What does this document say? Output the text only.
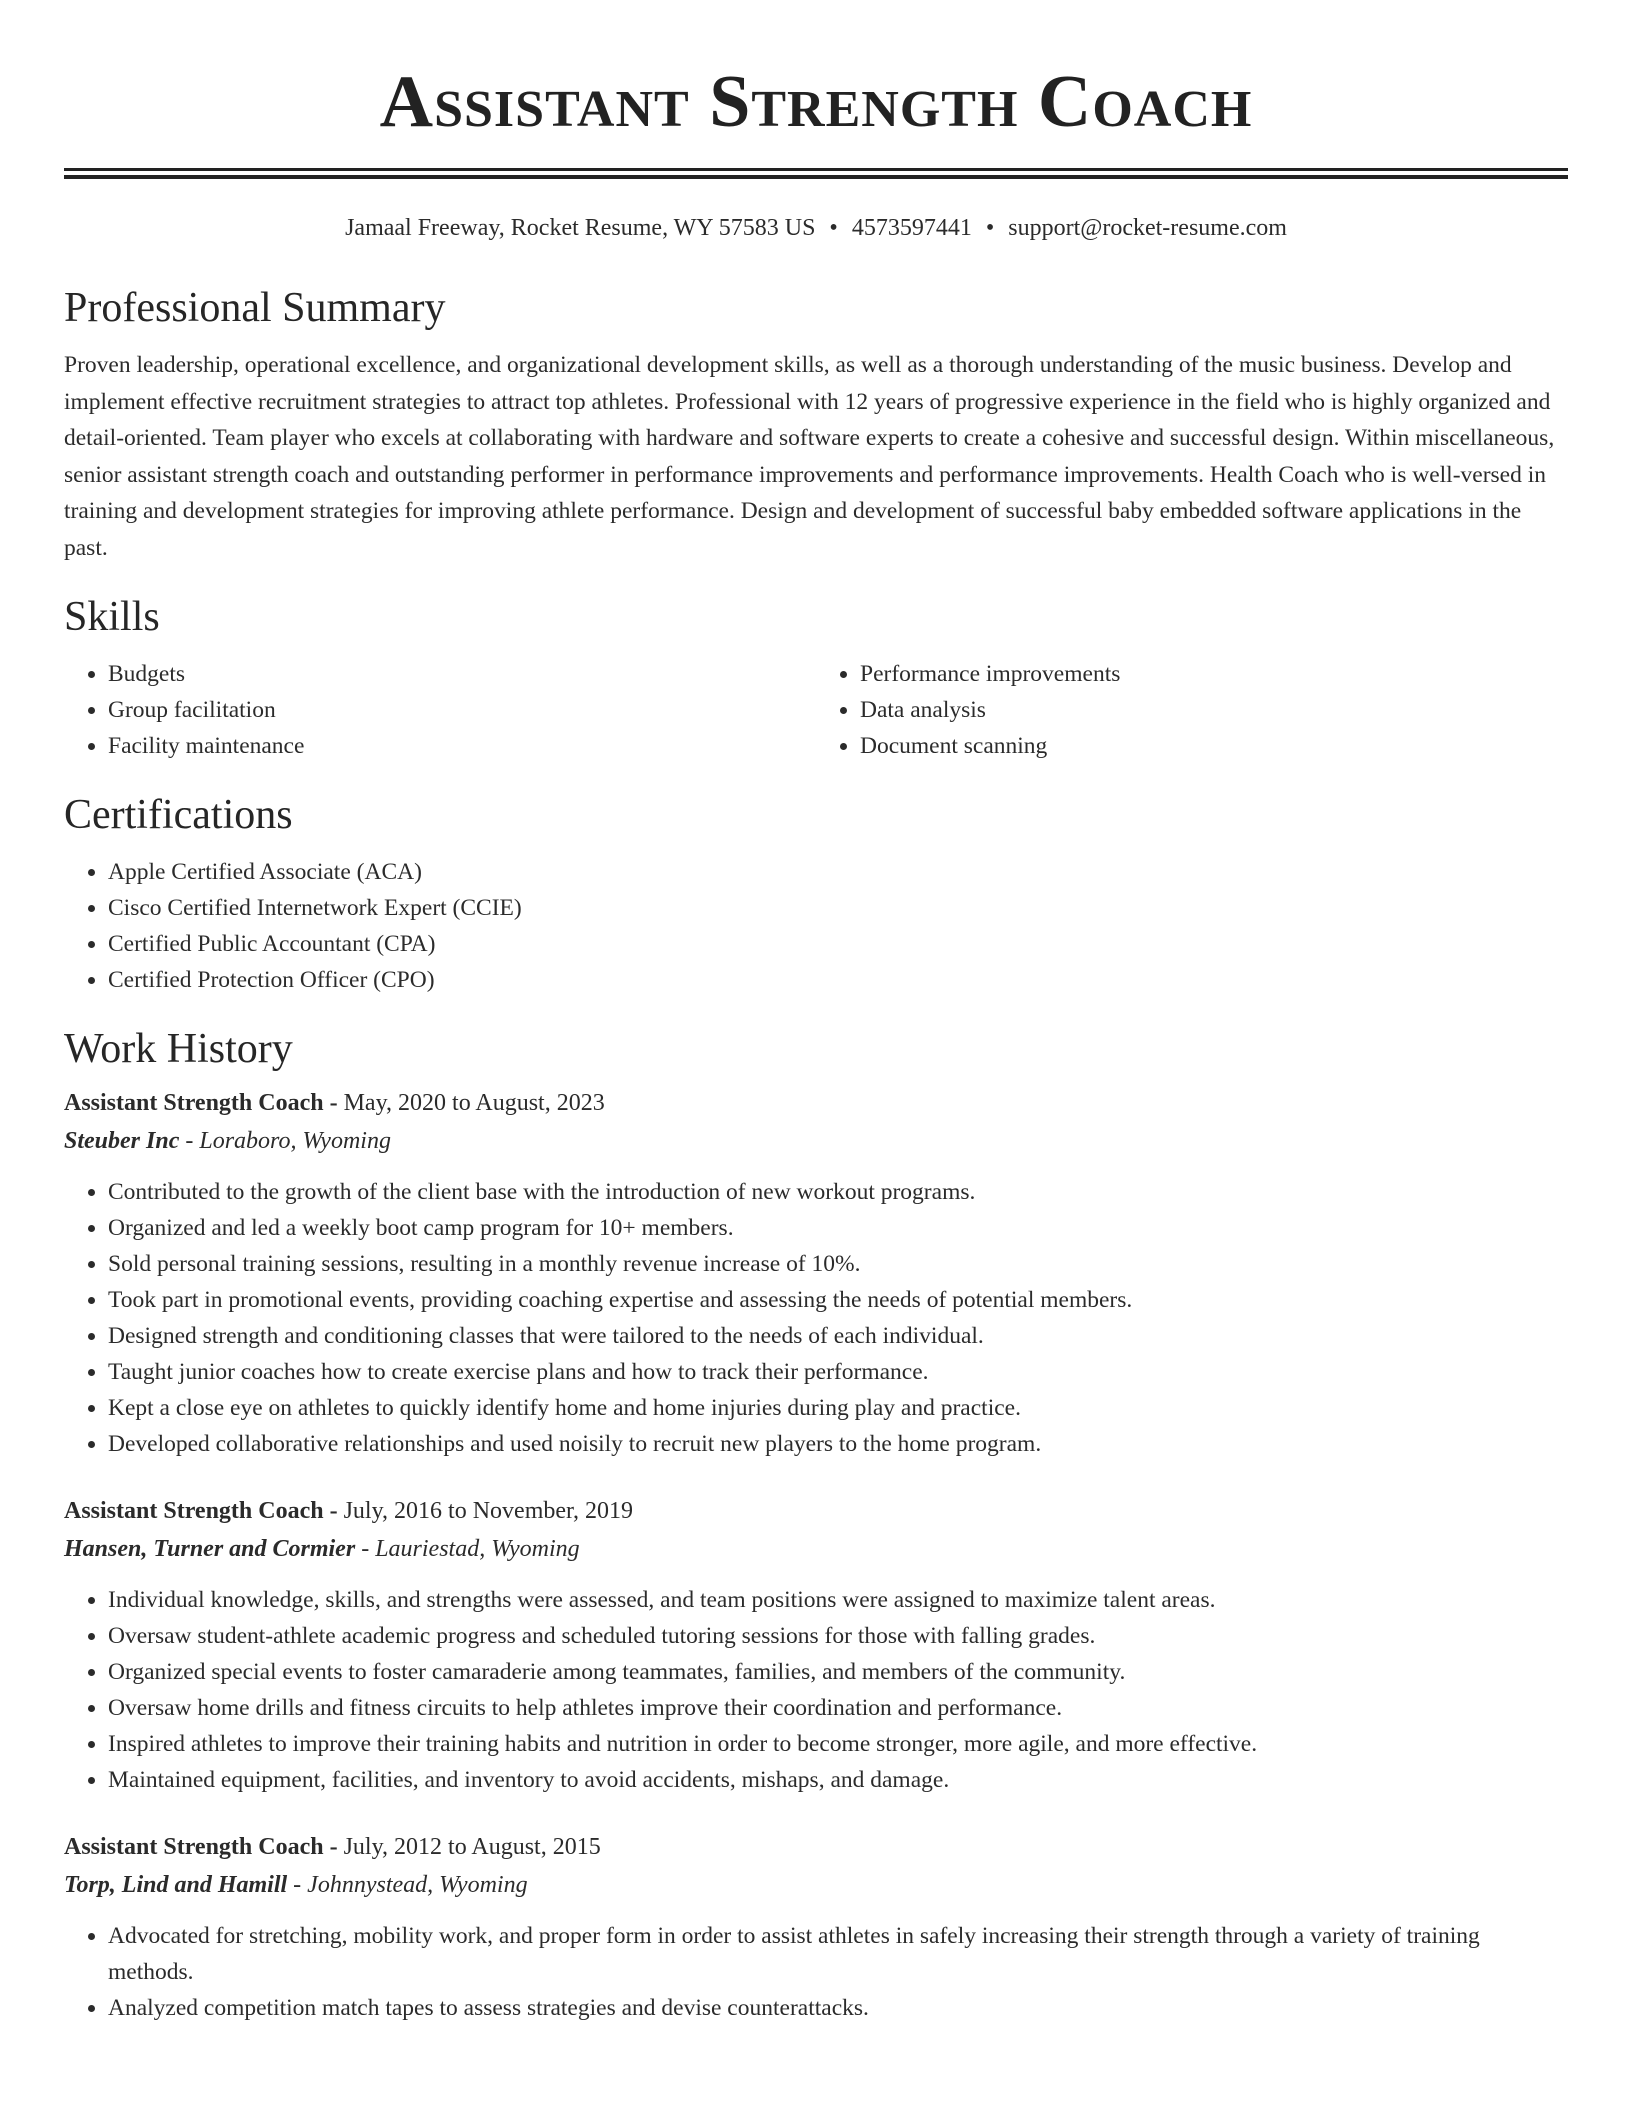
Assistant Strength Coach
Jamaal Freeway, Rocket Resume, WY 57583 US • 4573597441 • support@rocket-resume.com
Professional Summary
Proven leadership, operational excellence, and organizational development skills, as well as a thorough understanding of the music business. Develop and implement effective recruitment strategies to attract top athletes. Professional with 12 years of progressive experience in the field who is highly organized and detail-oriented. Team player who excels at collaborating with hardware and software experts to create a cohesive and successful design. Within miscellaneous, senior assistant strength coach and outstanding performer in performance improvements and performance improvements. Health Coach who is well-versed in training and development strategies for improving athlete performance. Design and development of successful baby embedded software applications in the past.
Skills
• Budgets
• Group facilitation
• Facility maintenance
• Performance improvements
• Data analysis
• Document scanning
Certifications
• Apple Certified Associate (ACA)
• Cisco Certified Internetwork Expert (CCIE)
• Certified Public Accountant (CPA)
• Certified Protection Officer (CPO)
Work History
Assistant Strength Coach - May, 2020 to August, 2023
Steuber Inc - Loraboro, Wyoming
• Contributed to the growth of the client base with the introduction of new workout programs.
• Organized and led a weekly boot camp program for 10+ members.
• Sold personal training sessions, resulting in a monthly revenue increase of 10%.
• Took part in promotional events, providing coaching expertise and assessing the needs of potential members.
• Designed strength and conditioning classes that were tailored to the needs of each individual.
• Taught junior coaches how to create exercise plans and how to track their performance.
• Kept a close eye on athletes to quickly identify home and home injuries during play and practice.
• Developed collaborative relationships and used noisily to recruit new players to the home program.
Assistant Strength Coach - July, 2016 to November, 2019
Hansen, Turner and Cormier - Lauriestad, Wyoming
• Individual knowledge, skills, and strengths were assessed, and team positions were assigned to maximize talent areas.
• Oversaw student-athlete academic progress and scheduled tutoring sessions for those with falling grades.
• Organized special events to foster camaraderie among teammates, families, and members of the community.
• Oversaw home drills and fitness circuits to help athletes improve their coordination and performance.
• Inspired athletes to improve their training habits and nutrition in order to become stronger, more agile, and more effective.
• Maintained equipment, facilities, and inventory to avoid accidents, mishaps, and damage.
Assistant Strength Coach - July, 2012 to August, 2015
Torp, Lind and Hamill - Johnnystead, Wyoming
• Advocated for stretching, mobility work, and proper form in order to assist athletes in safely increasing their strength through a variety of training methods.
• Analyzed competition match tapes to assess strategies and devise counterattacks.
